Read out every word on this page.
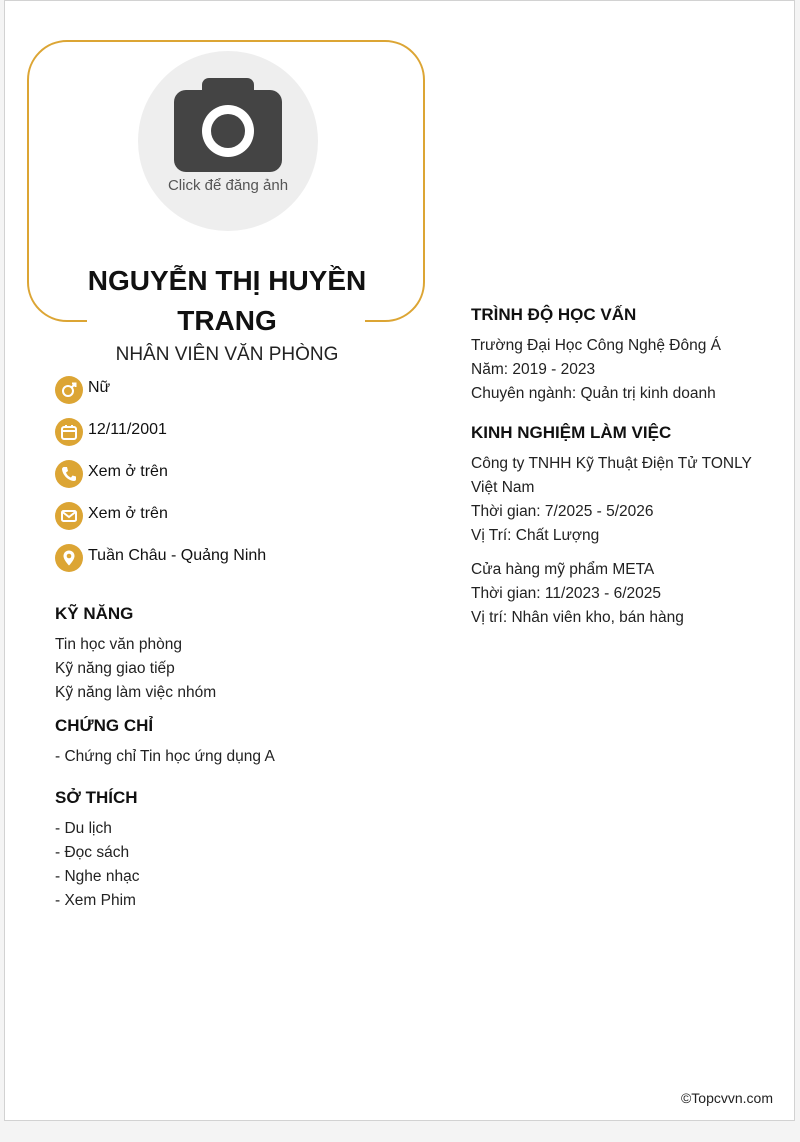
Click để đăng ảnh
NGUYỄN THỊ HUYỀN TRANG
NHÂN VIÊN VĂN PHÒNG
Nữ
12/11/2001
Xem ở trên
Xem ở trên
Tuần Châu - Quảng Ninh
KỸ NĂNG
Tin học văn phòng
Kỹ năng giao tiếp
Kỹ năng làm việc nhóm
CHỨNG CHỈ
- Chứng chỉ Tin học ứng dụng A
SỞ THÍCH
- Du lịch
- Đọc sách
- Nghe nhạc
- Xem Phim
TRÌNH ĐỘ HỌC VẤN
Trường Đại Học Công Nghệ Đông Á
Năm: 2019 - 2023
Chuyên ngành: Quản trị kinh doanh
KINH NGHIỆM LÀM VIỆC
Công ty TNHH Kỹ Thuật Điện Tử TONLY Việt Nam
Thời gian: 7/2025 - 5/2026
Vị Trí: Chất Lượng
Cửa hàng mỹ phẩm META
Thời gian: 11/2023 - 6/2025
Vị trí: Nhân viên kho, bán hàng
©Topcvvn.com
